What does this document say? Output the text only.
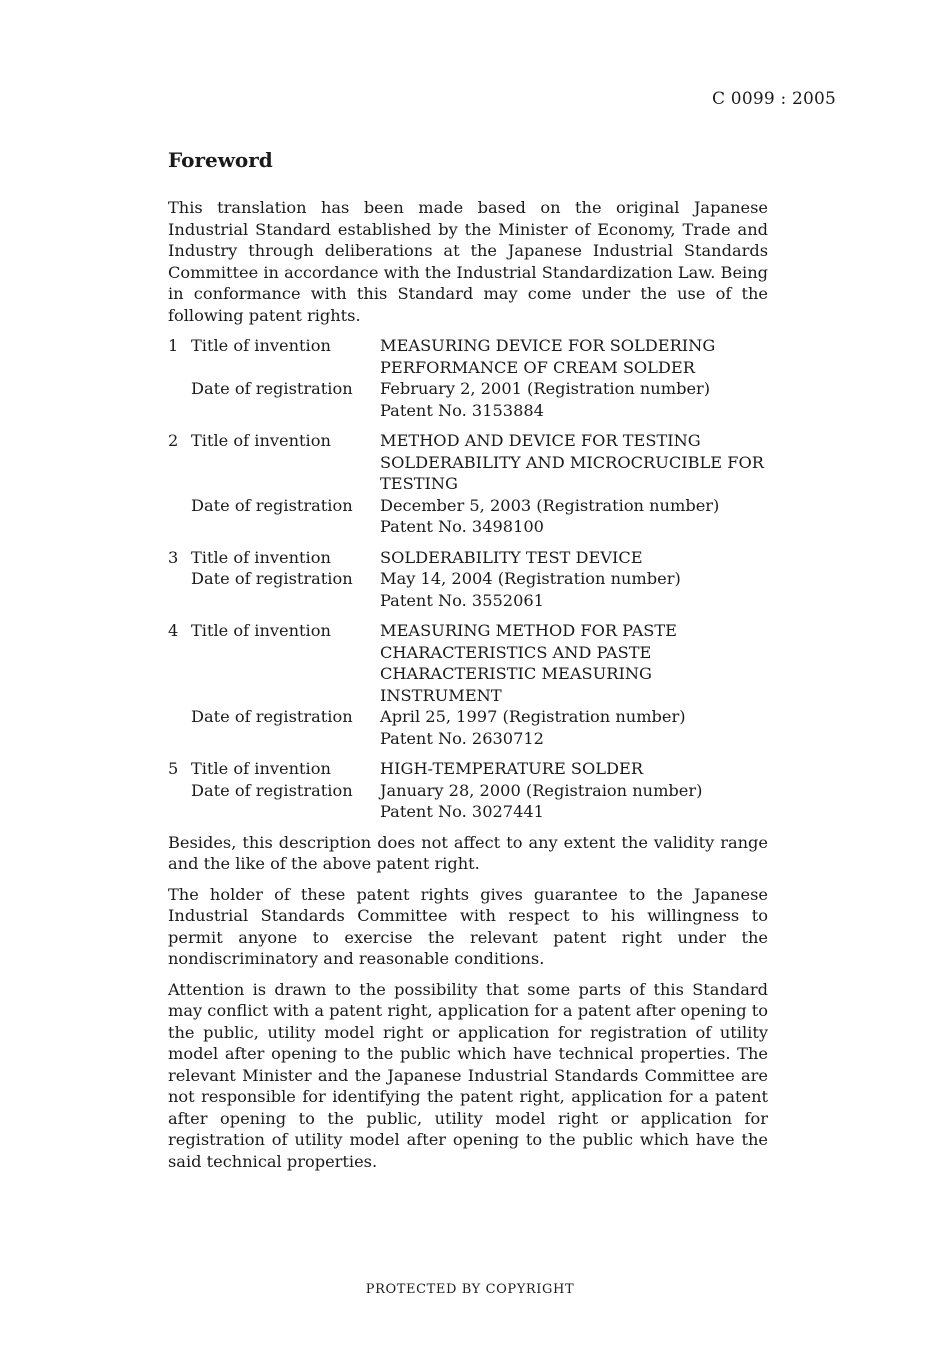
C 0099 : 2005
Foreword

This translation has been made based on the original Japanese Industrial Standard established by the Minister of Economy, Trade and Industry through deliberations at the Japanese Industrial Standards Committee in accordance with the Industrial Standardization Law. Being in conformance with this Standard may come under the use of the following patent rights.

1 Title of invention	MEASURING DEVICE FOR SOLDERING PERFORMANCE OF CREAM SOLDER
Date of registration	February 2, 2001 (Registration number)
Patent No. 3153884
2 Title of invention	METHOD AND DEVICE FOR TESTING SOLDERABILITY AND MICROCRUCIBLE FOR TESTING
Date of registration	December 5, 2003 (Registration number)
Patent No. 3498100
3 Title of invention	SOLDERABILITY TEST DEVICE
Date of registration	May 14, 2004 (Registration number)
Patent No. 3552061
4 Title of invention	MEASURING METHOD FOR PASTE CHARACTERISTICS AND PASTE CHARACTERISTIC MEASURING INSTRUMENT
Date of registration	April 25, 1997 (Registration number)
Patent No. 2630712
5 Title of invention	HIGH-TEMPERATURE SOLDER
Date of registration	January 28, 2000 (Registraion number)
Patent No. 3027441

Besides, this description does not affect to any extent the validity range and the like of the above patent right.

The holder of these patent rights gives guarantee to the Japanese Industrial Standards Committee with respect to his willingness to permit anyone to exercise the relevant patent right under the nondiscriminatory and reasonable conditions.

Attention is drawn to the possibility that some parts of this Standard may conflict with a patent right, application for a patent after opening to the public, utility model right or application for registration of utility model after opening to the public which have technical properties. The relevant Minister and the Japanese Industrial Standards Committee are not responsible for identifying the patent right, application for a patent after opening to the public, utility model right or application for registration of utility model after opening to the public which have the said technical properties.

PROTECTED BY COPYRIGHT
